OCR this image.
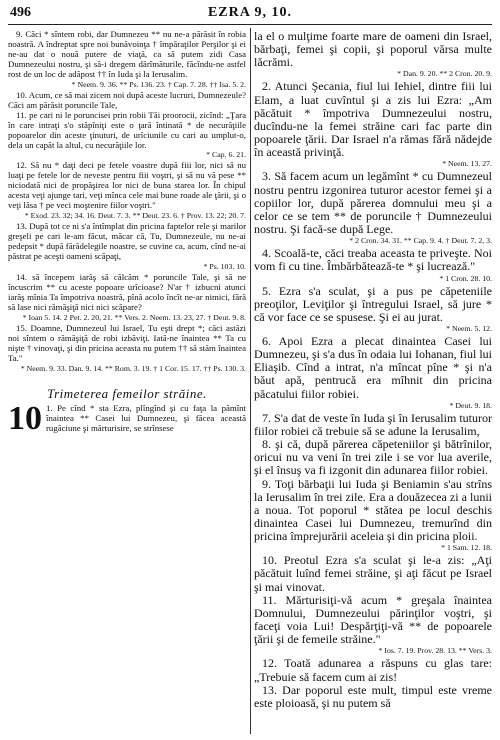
496	EZRA 9, 10.

9. Căci * sîntem robi, dar Dumnezeu ** nu ne-a părăsit în robia noastră. A îndreptat spre noi bunăvoinţa † împăraţilor Perşilor şi ei ne-au dat o nouă putere de viaţă, ca să putem zidi Casa Dumnezeului nostru, şi să-i dregem dărîmăturile, făcîndu-ne astfel rost de un loc de adăpost †† în Iuda şi la Ierusalim.

* Neem. 9. 36. ** Ps. 136. 23. † Cap. 7. 28. †† Isa. 5. 2.

10. Acum, ce să mai zicem noi după aceste lucruri, Dumnezeule? Căci am părăsit poruncile Tale,

11. pe cari ni le poruncisei prin robii Tăi proorocii, zicînd: „Ţara în care intraţi s'o stăpîniţi este o ţară întinată * de necurăţiile popoarelor din aceste ţinuturi, de urîciunile cu cari au umplut-o, dela un capăt la altul, cu necurăţiile lor.

* Cap. 6. 21.

12. Să nu * daţi deci pe fetele voastre după fiii lor, nici să nu luaţi pe fetele lor de neveste pentru fiii voştri, şi să nu vă pese ** niciodată nici de propăşirea lor nici de buna starea lor. În chipul acesta veţi ajunge tari, veţi mînca cele mai bune roade ale ţării, şi o veţi lăsa † pe veci moştenire fiilor voştri."

* Exod. 23. 32; 34. 16. Deut. 7. 3. ** Deut. 23. 6. † Prov. 13. 22; 20. 7.

13. După tot ce ni s'a întîmplat din pricina faptelor rele şi marilor greşeli pe cari le-am făcut, măcar că, Tu, Dumnezeule, nu ne-ai pedepsit * după fărădelegile noastre, se cuvine ca, acum, cînd ne-ai păstrat pe aceşti oameni scăpaţi,

* Ps. 103. 10.

14. să începem iarăş să călcăm * poruncile Tale, şi să ne încuscrim ** cu aceste popoare urîcioase? N'ar † izbucni atunci iarăş mînia Ta împotriva noastră, pînă acolo încît ne-ar nimici, fără să lase nici rămăşiţă nici nici scăpare?

* Ioan 5. 14. 2 Pet. 2. 20, 21. ** Vers. 2. Neem. 13. 23, 27. † Deut. 9. 8.

15. Doamne, Dumnezeul lui Israel, Tu eşti drept *; căci astăzi noi sîntem o rămăşiţă de robi izbăviţi. Iată-ne înaintea ** Ta cu nişte † vinovaţi, şi din pricina aceasta nu putem †† să stăm înaintea Ta."

* Neem. 9. 33. Dan. 9. 14. ** Rom. 3. 19. † 1 Cor. 15. 17. †† Ps. 130. 3.

Trimeterea femeilor străine.

10 1. Pe cînd * sta Ezra, plîngînd şi cu faţa la pămînt înaintea ** Casei lui Dumnezeu, şi făcea această rugăciune şi mărturisire, se strînsese

la el o mulţime foarte mare de oameni din Israel, bărbaţi, femei şi copii, şi poporul vărsa multe lăcrămi.

* Dan. 9. 20. ** 2 Cron. 20. 9.

2. Atunci Şecania, fiul lui Iehiel, dintre fiii lui Elam, a luat cuvîntul şi a zis lui Ezra: „Am păcătuit * împotriva Dumnezeului nostru, ducîndu-ne la femei străine cari fac parte din popoarele ţării. Dar Israel n'a rămas fără nădejde în această privinţă.

* Neem. 13. 27.

3. Să facem acum un legămînt * cu Dumnezeul nostru pentru izgonirea tuturor acestor femei şi a copiilor lor, după părerea domnului meu şi a celor ce se tem ** de poruncile † Dumnezeului nostru. Şi facă-se după Lege.

* 2 Cron. 34. 31. ** Cap. 9. 4. † Deut. 7. 2, 3.

4. Scoală-te, căci treaba aceasta te priveşte. Noi vom fi cu tine. Îmbărbătează-te * şi lucrează."

* 1 Cron. 28. 10.

5. Ezra s'a sculat, şi a pus pe căpeteniile preoţilor, Leviţilor şi întregului Israel, să jure * că vor face ce se spusese. Şi ei au jurat.

* Neem. 5. 12.

6. Apoi Ezra a plecat dinaintea Casei lui Dumnezeu, şi s'a dus în odaia lui Iohanan, fiul lui Eliaşib. Cînd a intrat, n'a mîncat pîne * şi n'a băut apă, pentrucă era mîhnit din pricina păcatului fiilor robiei.

* Deut. 9. 18.

7. S'a dat de veste în Iuda şi în Ierusalim tuturor fiilor robiei că trebuie să se adune la Ierusalim,

8. şi că, după părerea căpeteniilor şi bătrînilor, oricui nu va veni în trei zile i se vor lua averile, şi el însuş va fi izgonit din adunarea fiilor robiei.

9. Toţi bărbaţii lui Iuda şi Beniamin s'au strîns la Ierusalim în trei zile. Era a douăzecea zi a lunii a noua. Tot poporul * stătea pe locul deschis dinaintea Casei lui Dumnezeu, tremurînd din pricina împrejurării aceleia şi din pricina ploii.

* 1 Sam. 12. 18.

10. Preotul Ezra s'a sculat şi le-a zis: „Aţi păcătuit luînd femei străine, şi aţi făcut pe Israel şi mai vinovat.

11. Mărturisiţi-vă acum * greşala înaintea Domnului, Dumnezeului părinţilor voştri, şi faceţi voia Lui! Despărţiţi-vă ** de popoarele ţării şi de femeile străine."

* Ios. 7. 19. Prov. 28. 13. ** Vers. 3.

12. Toată adunarea a răspuns cu glas tare: „Trebuie să facem cum ai zis!

13. Dar poporul este mult, timpul este vreme este ploioasă, şi nu putem să
